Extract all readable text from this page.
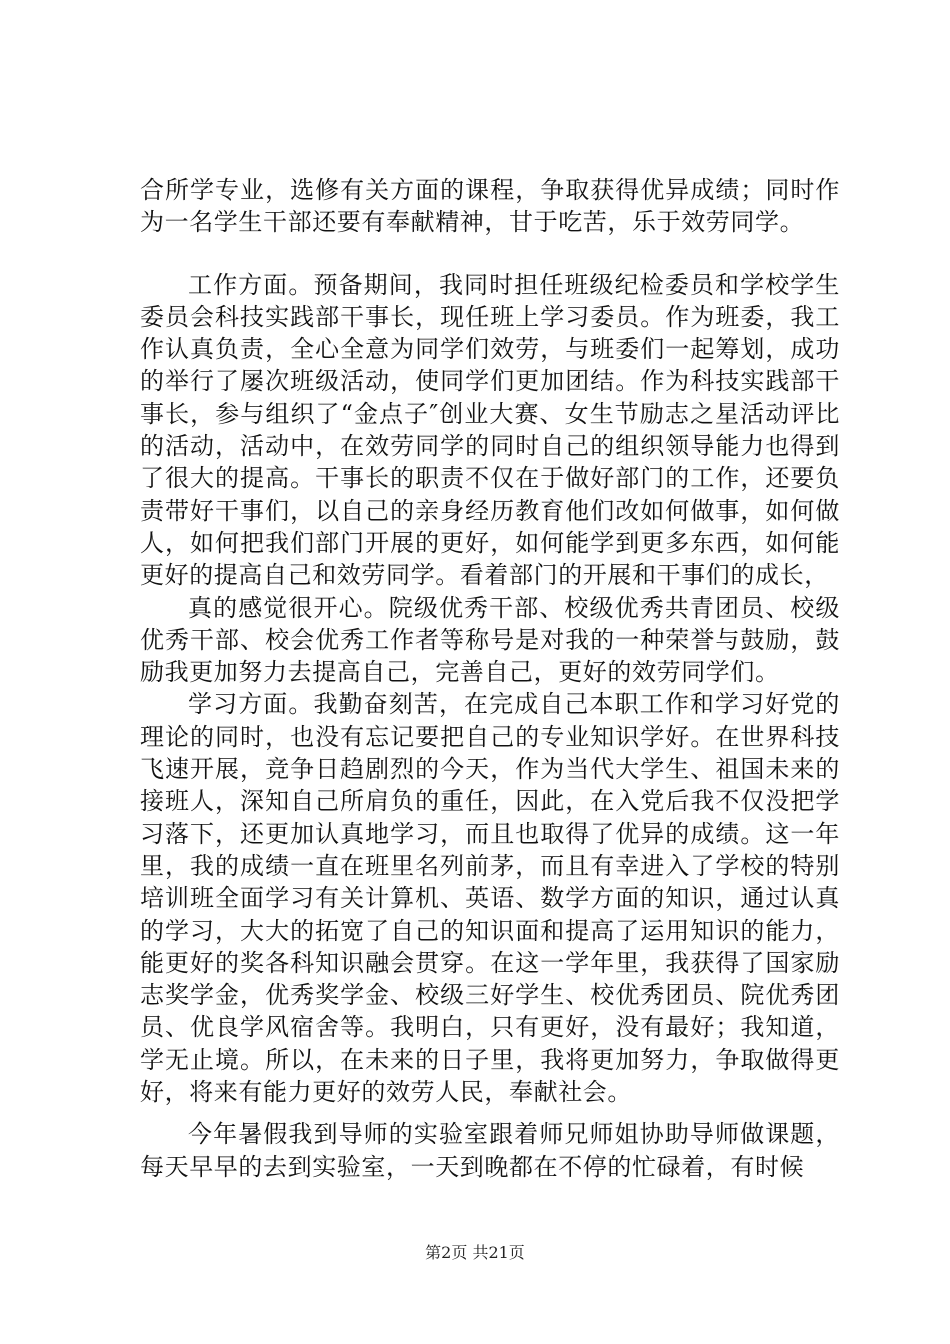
合所学专业，选修有关方面的课程，争取获得优异成绩；同时作为一名学生干部还要有奉献精神，甘于吃苦，乐于效劳同学。

工作方面。预备期间，我同时担任班级纪检委员和学校学生委员会科技实践部干事长，现任班上学习委员。作为班委，我工作认真负责，全心全意为同学们效劳，与班委们一起筹划，成功的举行了屡次班级活动，使同学们更加团结。作为科技实践部干事长，参与组织了“金点子″创业大赛、女生节励志之星活动评比的活动，活动中，在效劳同学的同时自己的组织领导能力也得到了很大的提高。干事长的职责不仅在于做好部门的工作，还要负责带好干事们，以自己的亲身经历教育他们改如何做事，如何做人，如何把我们部门开展的更好，如何能学到更多东西，如何能更好的提高自己和效劳同学。看着部门的开展和干事们的成长，

真的感觉很开心。院级优秀干部、校级优秀共青团员、校级优秀干部、校会优秀工作者等称号是对我的一种荣誉与鼓励，鼓励我更加努力去提高自己，完善自己，更好的效劳同学们。

学习方面。我勤奋刻苦，在完成自己本职工作和学习好党的理论的同时，也没有忘记要把自己的专业知识学好。在世界科技飞速开展，竞争日趋剧烈的今天，作为当代大学生、祖国未来的接班人，深知自己所肩负的重任，因此，在入党后我不仅没把学习落下，还更加认真地学习，而且也取得了优异的成绩。这一年里，我的成绩一直在班里名列前茅，而且有幸进入了学校的特别培训班全面学习有关计算机、英语、数学方面的知识，通过认真的学习，大大的拓宽了自己的知识面和提高了运用知识的能力，能更好的奖各科知识融会贯穿。在这一学年里，我获得了国家励志奖学金，优秀奖学金、校级三好学生、校优秀团员、院优秀团员、优良学风宿舍等。我明白，只有更好，没有最好；我知道，学无止境。所以，在未来的日子里，我将更加努力，争取做得更好，将来有能力更好的效劳人民，奉献社会。

今年暑假我到导师的实验室跟着师兄师姐协助导师做课题，每天早早的去到实验室，一天到晚都在不停的忙碌着，有时候

第2页 共21页
